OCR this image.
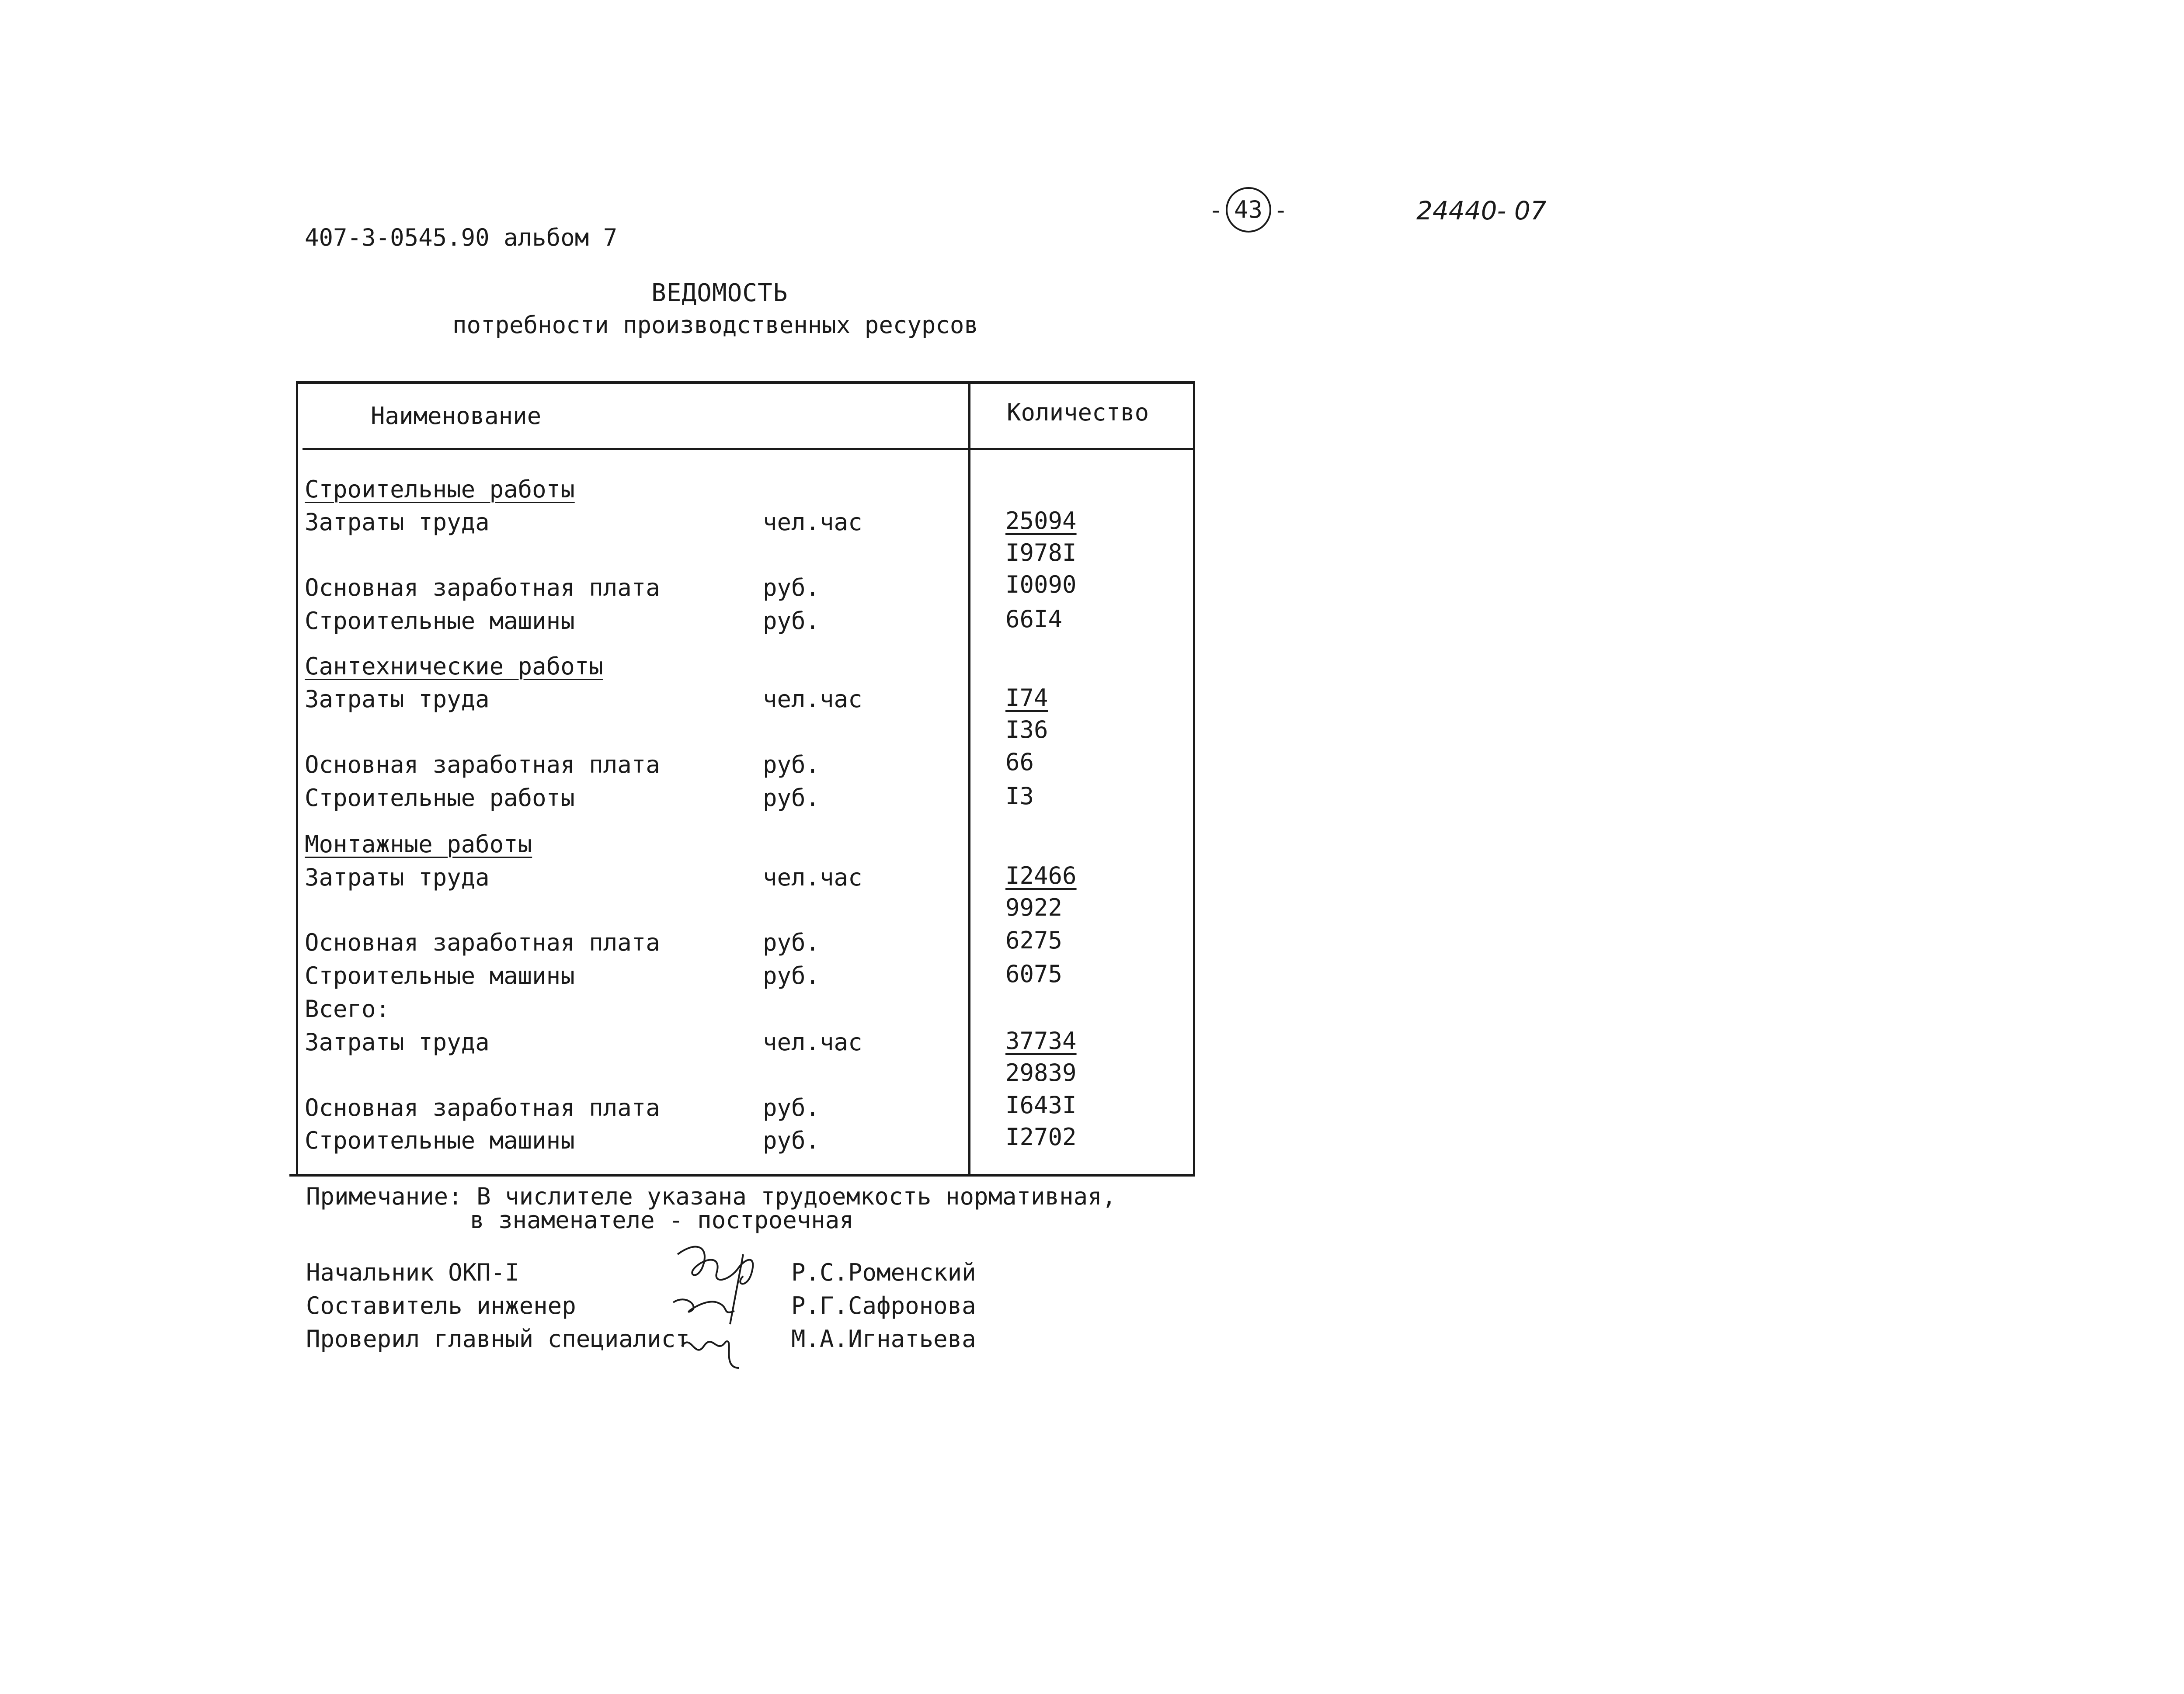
407-3-0545.90 альбом 7
- 43 -	24440- 07
ВЕДОМОСТЬ
потребности производственных ресурсов
Наименование	Количество
Строительные работы
Затраты труда	чел.час	25094
I978I
Основная заработная плата	руб.	I0090
Строительные машины	руб.	66I4
Сантехнические работы
Затраты труда	чел.час	I74
I36
Основная заработная плата	руб.	66
Строительные работы	руб.	I3
Монтажные работы
Затраты труда	чел.час	I2466
9922
Основная заработная плата	руб.	6275
Строительные машины	руб.	6075
Всего:
Затраты труда	чел.час	37734
29839
Основная заработная плата	руб.	I643I
Строительные машины	руб.	I2702
Примечание: В числителе указана трудоемкость нормативная,
в знаменателе - построечная
Начальник ОКП-I	Р.С.Роменский
Составитель инженер	Р.Г.Сафронова
Проверил главный специалист	М.А.Игнатьева
